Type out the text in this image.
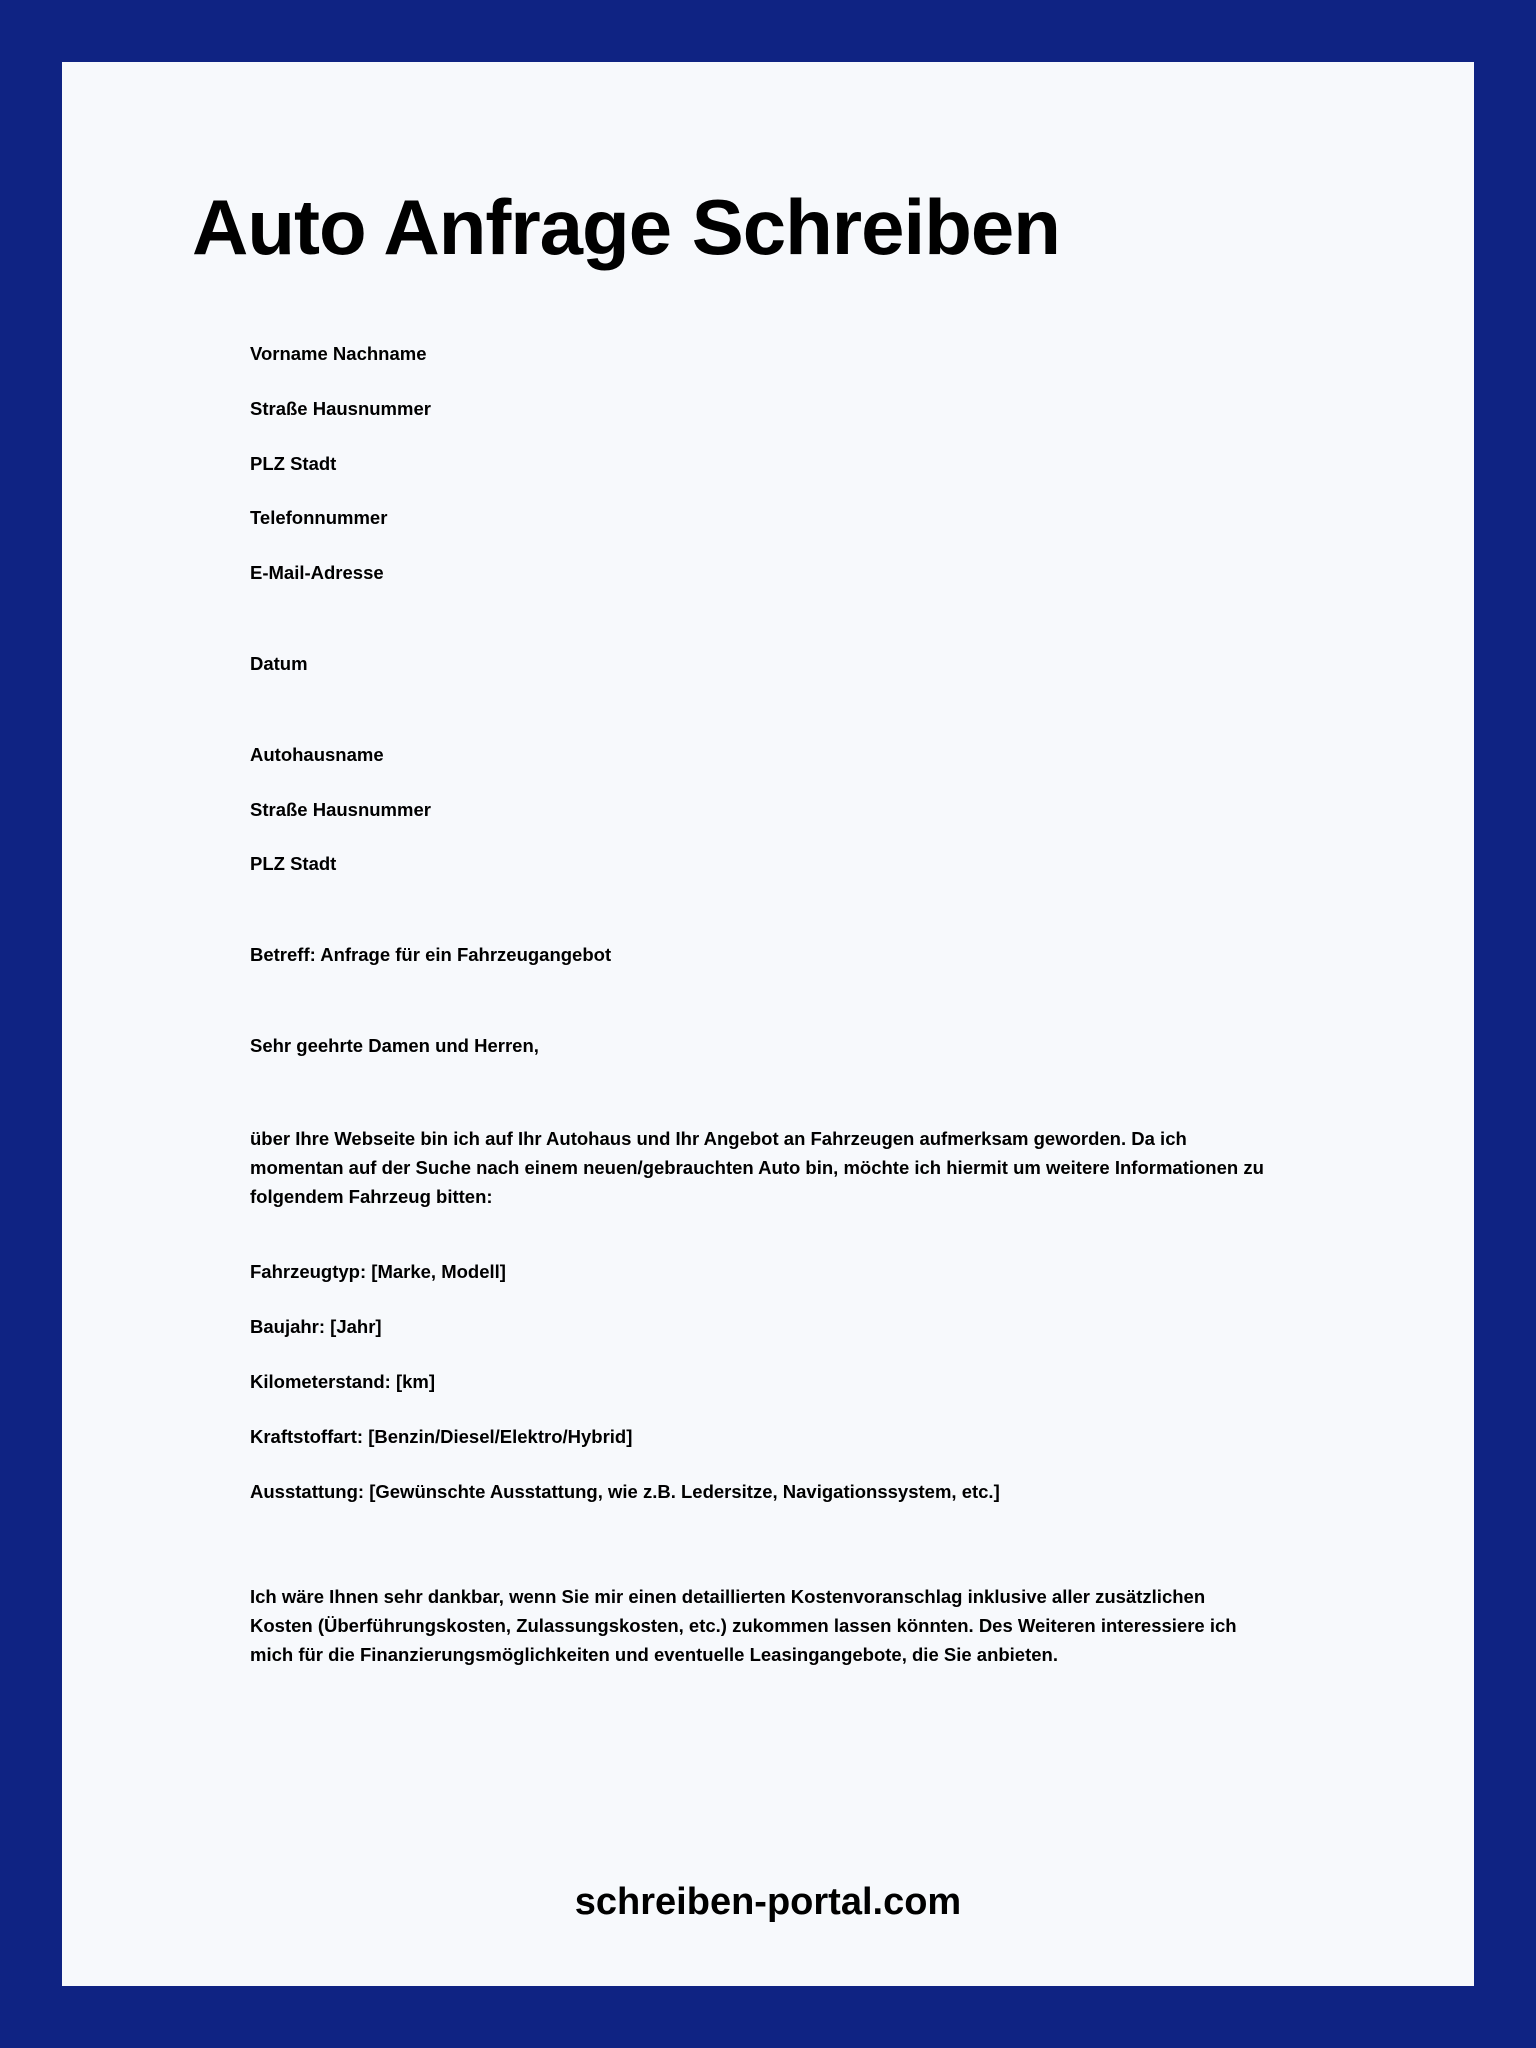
Auto Anfrage Schreiben

Vorname Nachname

Straße Hausnummer

PLZ Stadt

Telefonnummer

E-Mail-Adresse

Datum

Autohausname

Straße Hausnummer

PLZ Stadt

Betreff: Anfrage für ein Fahrzeugangebot

Sehr geehrte Damen und Herren,

über Ihre Webseite bin ich auf Ihr Autohaus und Ihr Angebot an Fahrzeugen aufmerksam geworden. Da ich momentan auf der Suche nach einem neuen/gebrauchten Auto bin, möchte ich hiermit um weitere Informationen zu folgendem Fahrzeug bitten:

Fahrzeugtyp: [Marke, Modell]

Baujahr: [Jahr]

Kilometerstand: [km]

Kraftstoffart: [Benzin/Diesel/Elektro/Hybrid]

Ausstattung: [Gewünschte Ausstattung, wie z.B. Ledersitze, Navigationssystem, etc.]

Ich wäre Ihnen sehr dankbar, wenn Sie mir einen detaillierten Kostenvoranschlag inklusive aller zusätzlichen Kosten (Überführungskosten, Zulassungskosten, etc.) zukommen lassen könnten. Des Weiteren interessiere ich mich für die Finanzierungsmöglichkeiten und eventuelle Leasingangebote, die Sie anbieten.

schreiben-portal.com
